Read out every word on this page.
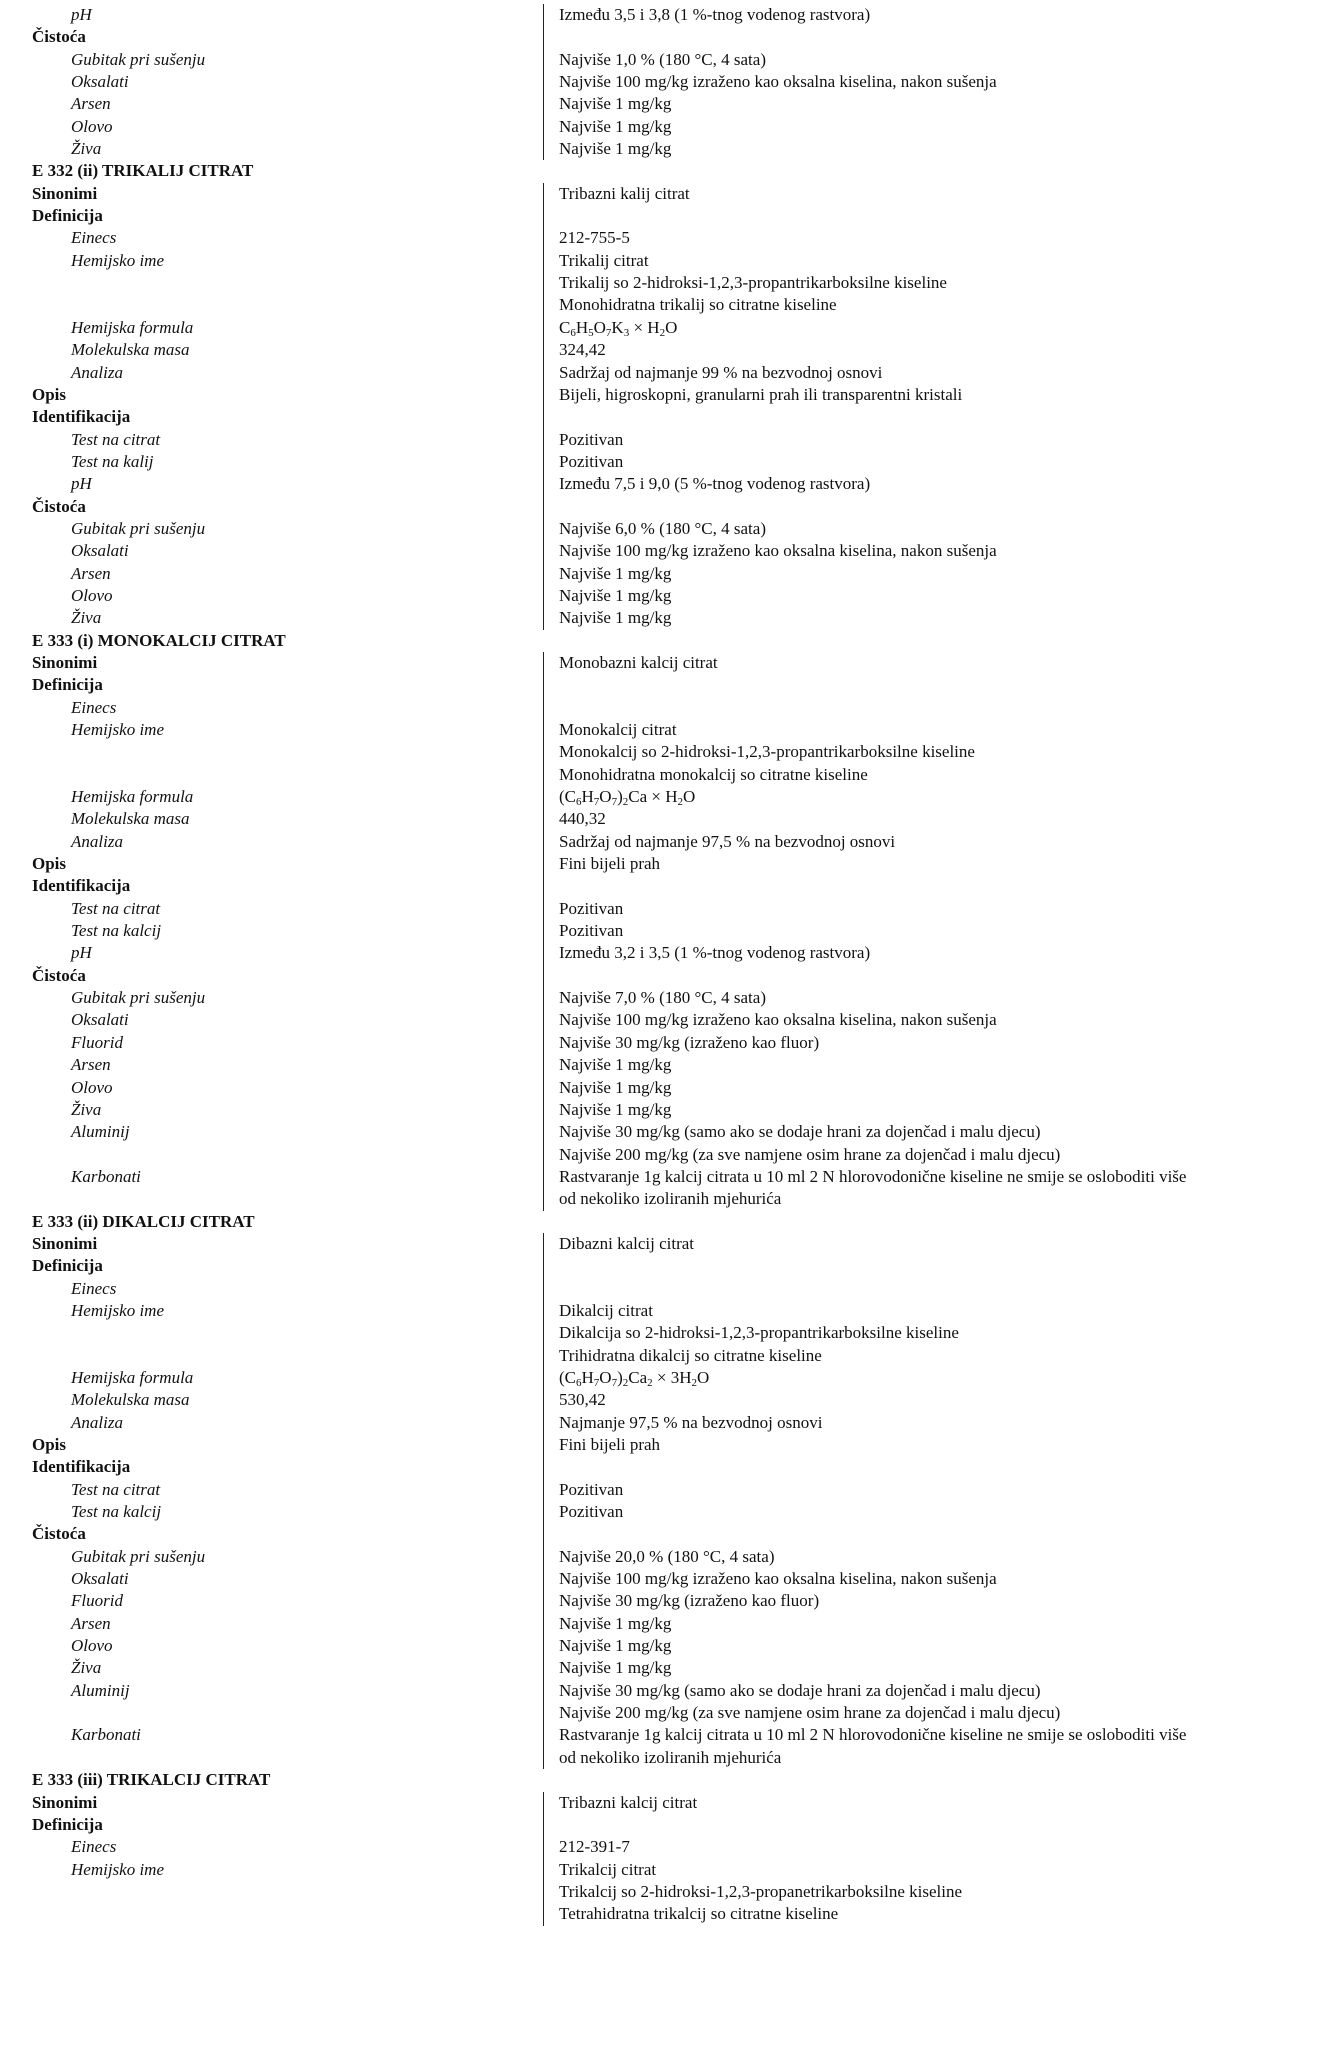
pH	Između 3,5 i 3,8 (1 %-tnog vodenog rastvora)
Čistoća
Gubitak pri sušenju	Najviše 1,0 % (180 °C, 4 sata)
Oksalati	Najviše 100 mg/kg izraženo kao oksalna kiselina, nakon sušenja
Arsen	Najviše 1 mg/kg
Olovo	Najviše 1 mg/kg
Živa	Najviše 1 mg/kg
E 332 (ii) TRIKALIJ CITRAT
Sinonimi	Tribazni kalij citrat
Definicija
Einecs	212-755-5
Hemijsko ime	Trikalij citrat
Trikalij so 2-hidroksi-1,2,3-propantrikarboksilne kiseline
Monohidratna trikalij so citratne kiseline
Hemijska formula	$C_6H_5O_7K_3 \times H_2O$
Molekulska masa	324,42
Analiza	Sadržaj od najmanje 99 % na bezvodnoj osnovi
Opis	Bijeli, higroskopni, granularni prah ili transparentni kristali
Identifikacija
Test na citrat	Pozitivan
Test na kalij	Pozitivan
pH	Između 7,5 i 9,0 (5 %-tnog vodenog rastvora)
Čistoća
Gubitak pri sušenju	Najviše 6,0 % (180 °C, 4 sata)
Oksalati	Najviše 100 mg/kg izraženo kao oksalna kiselina, nakon sušenja
Arsen	Najviše 1 mg/kg
Olovo	Najviše 1 mg/kg
Živa	Najviše 1 mg/kg
E 333 (i) MONOKALCIJ CITRAT
Sinonimi	Monobazni kalcij citrat
Definicija
Einecs
Hemijsko ime	Monokalcij citrat
Monokalcij so 2-hidroksi-1,2,3-propantrikarboksilne kiseline
Monohidratna monokalcij so citratne kiseline
Hemijska formula	$(C_6H_7O_7)_2Ca \times H_2O$
Molekulska masa	440,32
Analiza	Sadržaj od najmanje 97,5 % na bezvodnoj osnovi
Opis	Fini bijeli prah
Identifikacija
Test na citrat	Pozitivan
Test na kalcij	Pozitivan
pH	Između 3,2 i 3,5 (1 %-tnog vodenog rastvora)
Čistoća
Gubitak pri sušenju	Najviše 7,0 % (180 °C, 4 sata)
Oksalati	Najviše 100 mg/kg izraženo kao oksalna kiselina, nakon sušenja
Fluorid	Najviše 30 mg/kg (izraženo kao fluor)
Arsen	Najviše 1 mg/kg
Olovo	Najviše 1 mg/kg
Živa	Najviše 1 mg/kg
Aluminij	Najviše 30 mg/kg (samo ako se dodaje hrani za dojenčad i malu djecu)
Najviše 200 mg/kg (za sve namjene osim hrane za dojenčad i malu djecu)
Karbonati	Rastvaranje 1g kalcij citrata u 10 ml 2 N hlorovodonične kiseline ne smije se osloboditi više
od nekoliko izoliranih mjehurića
E 333 (ii) DIKALCIJ CITRAT
Sinonimi	Dibazni kalcij citrat
Definicija
Einecs
Hemijsko ime	Dikalcij citrat
Dikalcija so 2-hidroksi-1,2,3-propantrikarboksilne kiseline
Trihidratna dikalcij so citratne kiseline
Hemijska formula	$(C_6H_7O_7)_2Ca_2 \times 3H_2O$
Molekulska masa	530,42
Analiza	Najmanje 97,5 % na bezvodnoj osnovi
Opis	Fini bijeli prah
Identifikacija
Test na citrat	Pozitivan
Test na kalcij	Pozitivan
Čistoća
Gubitak pri sušenju	Najviše 20,0 % (180 °C, 4 sata)
Oksalati	Najviše 100 mg/kg izraženo kao oksalna kiselina, nakon sušenja
Fluorid	Najviše 30 mg/kg (izraženo kao fluor)
Arsen	Najviše 1 mg/kg
Olovo	Najviše 1 mg/kg
Živa	Najviše 1 mg/kg
Aluminij	Najviše 30 mg/kg (samo ako se dodaje hrani za dojenčad i malu djecu)
Najviše 200 mg/kg (za sve namjene osim hrane za dojenčad i malu djecu)
Karbonati	Rastvaranje 1g kalcij citrata u 10 ml 2 N hlorovodonične kiseline ne smije se osloboditi više
od nekoliko izoliranih mjehurića
E 333 (iii) TRIKALCIJ CITRAT
Sinonimi	Tribazni kalcij citrat
Definicija
Einecs	212-391-7
Hemijsko ime	Trikalcij citrat
Trikalcij so 2-hidroksi-1,2,3-propanetrikarboksilne kiseline
Tetrahidratna trikalcij so citratne kiseline
